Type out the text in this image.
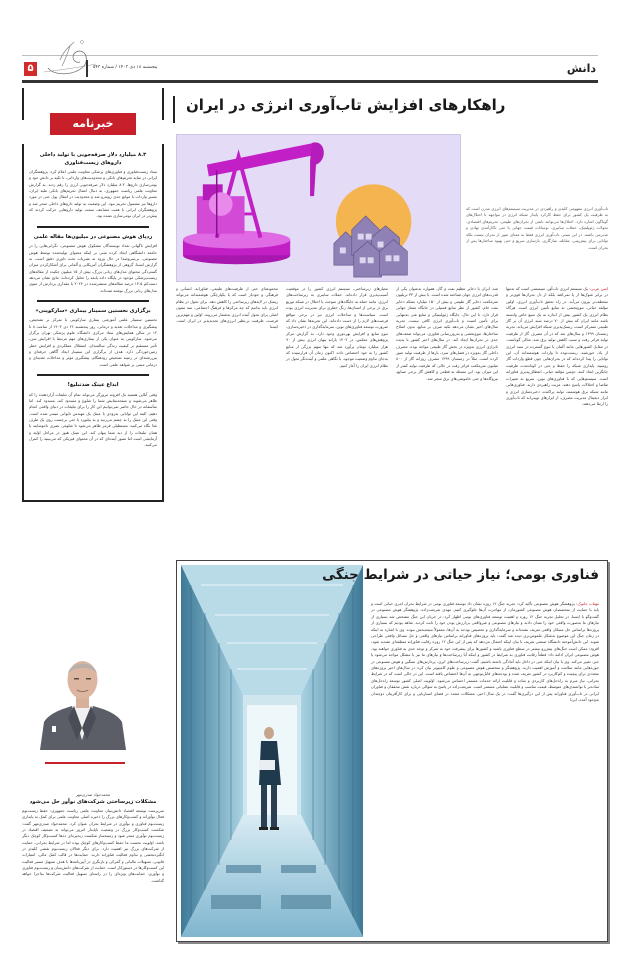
دانش
۵	پنجشنبه ۱۸ دی ۱۴۰۳ / شماره ۵۴۳
خبرنامه
۸.۳ میلیارد دلار صرفه‌جویی با تولید داخلی داروهای زیست‌فناوری

ستاد زیست‌فناوری و فناوری‌های پزشکی معاونت علمی اعلام کرد: پژوهشگران ایرانی در سایه تحریم‌های بانکی و محدودیت‌های وارداتی، با تکیه بر دانش خود و بومی‌سازی داروها، ۸.۳ میلیارد دلار صرفه‌جویی ارزی را رقم زدند. به گزارش معاونت علمی ریاست جمهوری، به دنبال اعمال تحریم‌های بانکی علیه ایران، مسیر واردات با موانع جدی روبه‌رو شد و محدودیت در انتقال پول حتی در مورد داروها نیز مشمول تحریم نبود. این وضعیت به تولید داروهای داخلی منجر شد و پژوهشگران ایرانی با همت مضاعف سمت تولید داروهایی حرکت کردند که پیش‌تر در ایران بومی‌سازی نشده بود.

ردپای هوش مصنوعی در میلیون‌ها مقاله علمی

افزایش ناگهانی تعداد نویسندگان مشکوک هوش مصنوعی، نگرانی‌هایی را در جامعه دانشگاهی ایجاد کرده مبنی بر اینکه محتوای تولیدشده توسط هوش مصنوعی، بی‌سروصدا در حال ورود به نشریات تحت داوری دقیق است. به گزارش ایسنا، گروهی از پژوهشگران آمریکایی و آلمانی برای آشکارکردن میزان گستردگی محتوای مدل‌های زبانی بزرگ، بیش از ۱۵ میلیون چکیده از مقاله‌های زیست‌پزشکی موجود در پایگاه داده پابمد را تحلیل کرده‌اند. نتایج نشان می‌دهد دست‌کم ۱۳.۵ درصد مقاله‌های منتشرشده در ۲۰۲۴ با مقداری پردازش از سوی مدل‌های زبانی بزرگ نوشته شده‌اند.

برگزاری نخستین سمینار بیماری «سارکوپنی»

نخستین سمینار علمی آموزشی بیماری سارکوپنی با تمرکز بر تشخیص، پیشگیری و مداخلات تغذیه و درمانی، روز پنجشنبه ۲۶ دی ۱۴۰۳ از ساعت ۸ تا ۱۲ در سالن همایش‌های ستاد مرکزی دانشگاه علوم پزشکی تهران برگزار می‌شود. سارکوپنی به عنوان یکی از بیماری‌های مهم مرتبط با افزایش سن، تأثیر مستقیم بر کیفیت زندگی سالمندان، استقلال عملکردی و افزایش خطر زمین‌خوردگی دارد. هدف از برگزاری این سمینار ایجاد آگاهی حرفه‌ای و بین‌رشته‌ای در زمینه تشخیص زودهنگام، پیشگیری مؤثر و مداخلات تغذیه‌ای و درمانی مبتنی بر شواهد علمی است.

ابداع عینک ضدتبلیغ!

وقتی آنلاین هستید یک افزونه مرورگر می‌تواند تمام آن تبلیغات آزاردهنده را که ظاهر می‌شوند و صفحه‌نمایش شما را شلوغ و مسدود کند، مسدود کند. اما متأسفانه در حال حاضر نمی‌توانیم این کار را برای تبلیغات در دنیای واقعی انجام دهیم. البته این توانایی به‌زودی با عینک یک مهندس تایوانی میسر شده است. وقتی این عینک را به چشم می‌زنید و به بیلبورد یا حتی برچسب روی یک طرف غذا نگاه می‌کنید، مستطیلی قرمز ظاهر می‌شود تا شلوغی بصری ناخوشایند یا همان تبلیغات را از دید شما پنهان کند. این عینک هنوز در مراحل اولیه و آزمایشی است اما تصور آینده‌ای که در آن محتوای فیزیکی که می‌بینید را کنترل می‌کنید.

محمدجواد صدری‌مهر
مشکلات زیرساختی شرکت‌های نوآور حل می‌شود

سرپرست توسعه اقتصاد دانش‌بنیان معاونت علمی ریاست جمهوری: حفظ زیست‌بوم فعال نوآورانه و کسب‌وکارهای بزرگ را ذخیره اصلی معاونت علمی برای کمک به پایداری زیست‌بوم فناوری و نوآوری در شرایط بحران عنوان کرد. محمدجواد صدری‌مهر گفت: شکست کسب‌وکار بزرگ در وضعیت ناپایدار امروز می‌تواند به تضعیف اقتصاد در زیست‌بوم نوآوری منجر شود و زمینه‌ساز شکست زنجیره‌ای ده‌ها کسب‌وکار کوچک دیگر باشد. اولویت نخست ما حفظ کسب‌وکارهای کوچک بوده اما در شرایط بحرانی، حمایت از شرکت‌های بزرگ نیز اهمیت دارد. برای دیگر فعالان زیست‌بوم نقشی کلیدی در انگیزه‌بخشی و تداوم فعالیت فناورانه دارند. حمایت‌ها در قالب کمک مالی، امتیازات قانونی، تسهیلات مالیاتی و گمرکی و بازنگری در آیین‌نامه‌ها با هدف تسهیل مسیر فعالیت این کسب‌وکارها در دستورکار است. حمایت از شرکت‌های دانش‌بنیان و زیست‌بوم فناوری و نوآوری، حمایت‌های ویژه‌ای را در راستای تسهیل فعالیت شرکت‌ها به‌اجرا خواهد گذاشت.

راهکارهای افزایش تاب‌آوری انرژی در ایران

تاب‌آوری انرژی مفهومی کلیدی و راهبردی در مدیریت سیستم‌های انرژی مدرن است که به ظرفیت یک کشور برای حفظ کارکرد پایدار شبکه انرژی در مواجهه با اختلال‌های گوناگون اشاره دارد. اختلال‌ها می‌توانند ناشی از بحران‌های طبیعی، تحریم‌های اقتصادی، تحولات ژئوپلیتیک، حملات سایبری، نوسانات قیمت جهانی یا حتی ناکارآمدی نهادی و مدیریتی باشند. در این بستر، تاب‌آوری انرژی فقط به معنای عبور از بحران نیست بلکه توانایی برای پیش‌بینی، مقابله، سازگاری، بازسازی سریع و حتی بهبود ساختارها پس از بحران است.

امین عربی: یک سیستم انرژی تاب‌آور، سیستمی است که نه‌تنها در برابر شوک‌ها از پا نمی‌افتد بلکه از دل بحران‌ها قوی‌تر و منعطف‌تر بیرون می‌آید. در راه تحقق تاب‌آوری انرژی، اولین مؤلفه حیاتی، تنوع‌بخشی به منابع تأمین انرژی است. هرگاه نظام انرژی یک کشور بیش از اندازه به یک منبع خاص وابسته باشد مانند ایران که بیش از ۷۰ درصد سبد انرژی آن بر گاز طبیعی متمرکز است، ریسک‌پذیری شبکه افزایش می‌یابد. تجربه زمستان ۱۳۹۹ و سال‌های بعد که در آن مصرف گاز از ظرفیت تولید فراتر رفت و سبب کاهش تولید برق شد، مثالی گویاست. در مقابل کشورهایی مانند آلمان با تنوع گسترده در سبد انرژی از باد، خورشید، زیست‌توده تا واردات هوشمندانه آن، این توانایی را پیدا کرده‌اند که در بحران‌هایی چون قطع واردات گاز روسیه، پایداری شبکه را حفظ و حتی در کوتاه‌مدت ظرفیت جایگزین ایجاد کنند. دومین مؤلفه حیاتی، انعطاف‌پذیری فناورانه است. سیستم‌هایی که با فناوری‌های نوین، سریع به تغییرات تقاضا و اختلالات پاسخ دهند، مزیت راهبردی دارند. فناوری‌هایی مانند شبکه برق هوشمند، تولید پراکنده، ذخیره‌سازی انرژی و ابزار دیجیتال مدیریت مصرف، از ابزارهای نوینی‌اند که تاب‌آوری را ارتقا می‌دهند.

شد. ایران با ذخایر عظیم نفت و گاز، همواره به‌عنوان یکی از قدرت‌های انرژی جهان شناخته شده است. با بیش از ۳۳ تریلیون مترمکعب ذخایر گاز طبیعی و بیش از ۱۵۰ میلیارد بشکه ذخایر نفت خام، کشور از نظر منابع فسیلی در جایگاه ممتاز جهانی قرار دارد. با این حال، جایگاه ژئوپلیتیکی و منابع غنی به‌تنهایی برای تأمین امنیت و تاب‌آوری انرژی کافی نیست. تجربه سال‌های اخیر نشان می‌دهد تکیه صرف بر منابع، بدون اصلاح ساختارها، تنوع‌بخشی و به‌روزرسانی فناوری، می‌تواند ضعف‌های جدی در بحران‌ها ایجاد کند. در سال‌های اخیر کشور با پدیده ناترازی انرژی به‌ویژه در بخش گاز طبیعی مواجه بوده. مصرف داخلی گاز به‌ویژه در فصل‌های سرد، بارها از ظرفیت تولید عبور کرده است. مثلاً در زمستان ۱۳۹۹ مصرف روزانه گاز از ۸۰۰ میلیون مترمکعب فراتر رفت در حالی که ظرفیت تولید کمتر از این میزان بود. این مسئله به قطعی و کاهش گاز برخی صنایع، نیروگاه‌ها و حتی خاموشی‌های برق منجر شد.

معیارهای زیرساختی، سیستم انرژی کشور را در موقعیت آسیب‌پذیری قرار داده‌اند. حملات سایبری به زیرساخت‌های انرژی، مانند حمله به جایگاه‌های سوخت یا اختلال در شبکه توزیع برق در برخی از استان‌ها، زنگ خطری برای مدیریت انرژی بوده است. سیاست‌ها و مداخلات انرژی نیز در برخی مواقع فرصت‌های لازم را از دست داده‌اند. این تجربه‌ها نشان داد که ضرورت توسعه فناوری‌های نوین، سرمایه‌گذاری در ذخیره‌سازی، تنوع منابع و افزایش بهره‌وری وجود دارد. به گزارش مرکز پژوهش‌های مجلس، در ۱۴۰۲ یارانه پنهان انرژی بیش از ۹۰ هزار میلیارد تومان برآورد شد که تنها سهم بزرگی از منابع کشور را به خود اختصاص داده. اکنون زمان آن فرارسیده که به‌جای تداوم وضعیت موجود، با نگاهی علمی و آینده‌نگر تحول در نظام انرژی ایران را آغاز کنیم.

مجموعه‌ای حتی از ظرفیت‌های طبیعی، فناورانه، انسانی و فرهنگی و خودباز است که با یکپارچگی هوشمندانه می‌تواند ریسک در لایه‌های زیرساختی را کاهش دهد. برای تحول در نظام انرژی باید بدانیم که چه مرکزها و فرهنگ اجتماعی، سه ستون اصلی برای تحول آینده انرژی به‌شمار می‌روند. اولین و مهم‌ترین فرصت، ظرفیت بی‌نظیر انرژی‌های تجدیدپذیر در ایران است. ایسنا

فناوری بومی؛ نیاز حیاتی در شرایط جنگی

مهتاب جانوک: پژوهشگر هوش مصنوعی تأکید کرد: تجربه جنگ ۱۲ روزه نشان داد توسعه فناوری بومی در شرایط بحران امری حیاتی است و باید با حمایت از متخصصان هوش مصنوعی کشورمان، از مهاجرت آن‌ها جلوگیری کنیم. مهدی شریعت‌زاده، پژوهشگر هوش مصنوعی در گفت‌وگو با ایسنا، در تحلیل تجربه جنگ ۱۲ روزه و اهمیت توسعه فناوری‌های بومی اظهار کرد: در جریان این جنگ مشخص شد بسیاری از نیازهای ما به‌صورت واقعی خود را نشان دادند و نیازهای مصنوعی و غیرواقعی بی‌ارزش بودن خود را ثابت کردند. شاهد بودیم که بسیاری از پروژه‌ها براساس حل مسائل واقعی تعریف نشده‌اند و سرمایه‌گذاری و تخصیص بودجه به آن‌ها، معمولاً نتیجه‌بخش نبوده. وی با اشاره به اینکه در زمان جنگ این موضوع به‌شکل ملموس‌تری دیده شد گفت: باید پروژه‌های فناورانه براساس نیازهای واقعی و حل مسائل واقعی طراحی شوند. این دانش‌آموخته دانشگاه صنعتی شریف با بیان اینکه احتمال می‌دهد که پس از این جنگ ۱۲ روزه رقابت فناورانه منطقه‌ای تشدید شود، افزود: ممکن است جنگ‌های پیش‌رو بیشتر در سطح فناوری باشند و کشورها برای پیشرفت خود به تمرکز و توجه جدی به فناوری خواهند بود. هوش مصنوعی ایران ادامه داد: قطعاً رقابت فناوری به شرایط در کشور و اینکه آیا زیرساخت‌ها و نیازهای ما نیز با مشکل مواجه می‌شود یا خیر، تغییر می‌کند. وی با بیان اینکه حتی در داخل باید آمادگی داشته باشیم، گفت: زیرساخت‌های ابری، پردازش‌های سنگین و هوش مصنوعی در حوزه‌هایی مانند سلامت و آموزش اهمیت دارند. پژوهشگر و متخصص هوش مصنوعی و علوم کامپیوتر بیان کرد: در سال‌های اخیر پروژه‌های متعددی برای پیچیده و کم‌کاربرد در کشور تعریف شده و بودجه‌های قابل‌توجهی به آن‌ها اختصاص یافته است. این در حالی است که در شرایط بحرانی، نیاز مبرم به راه‌حل‌های کاربردی و ساده و قابلیت ارائه خدمات مستمر احساس می‌شود. اولویت اصلی کشور توسعه راه‌حل‌های ساده‌تر با توانمندی‌های متوسط، قیمت مناسب و قابلیت عملیاتی مستمر است. شریعت‌زاده در پاسخ به سؤالی درباره نقش محققان و فناوران ایرانی در تاب‌آوری فناورانه پس از این درگیری‌ها گفت: در یک سال اخیر، مشکلات متعدد در فضای استارتاپی و برای کارآفرینان دوچندان به‌وجود آمده. ایرنا
